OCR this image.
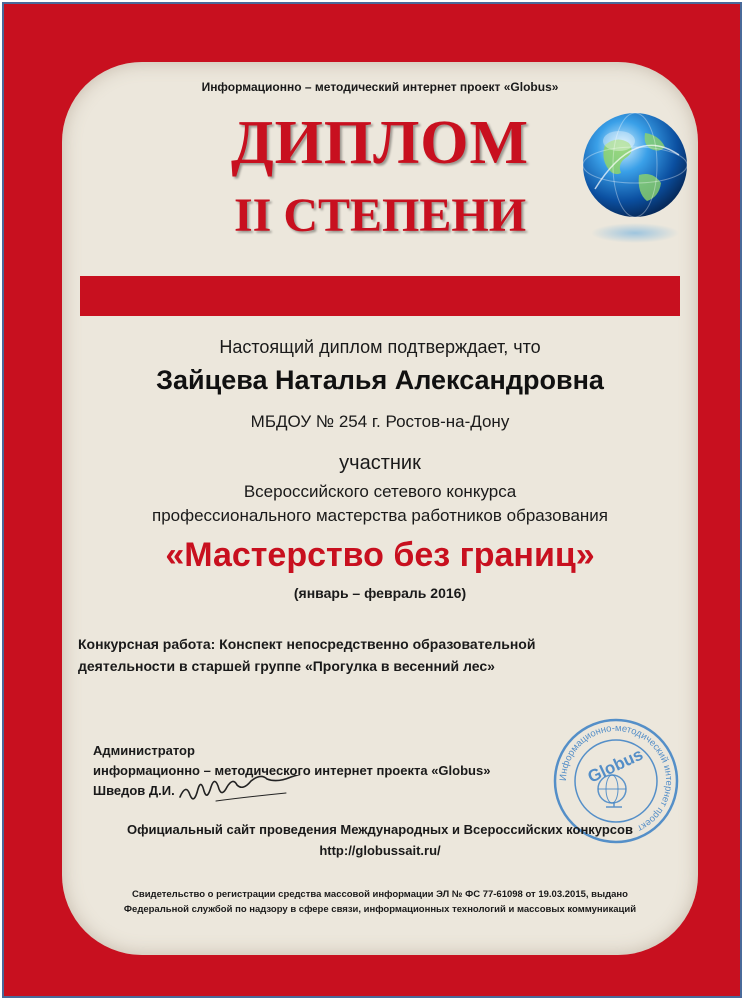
Информационно – методический интернет проект «Globus»
ДИПЛОМ
II СТЕПЕНИ
Настоящий диплом подтверждает, что
Зайцева Наталья Александровна
МБДОУ № 254 г. Ростов-на-Дону
участник
Всероссийского сетевого конкурса
профессионального мастерства работников образования
«Мастерство без границ»
(январь – февраль 2016)
Конкурсная работа: Конспект непосредственно образовательной
деятельности в старшей группе «Прогулка в весенний лес»
Администратор
информационно – методического интернет проекта «Globus»
Шведов Д.И.
Информационно-методический интернет проект
Globus
Официальный сайт проведения Международных и Всероссийских конкурсов
http://globussait.ru/
Свидетельство о регистрации средства массовой информации ЭЛ № ФС 77-61098 от 19.03.2015, выдано
Федеральной службой по надзору в сфере связи, информационных технологий и массовых коммуникаций
